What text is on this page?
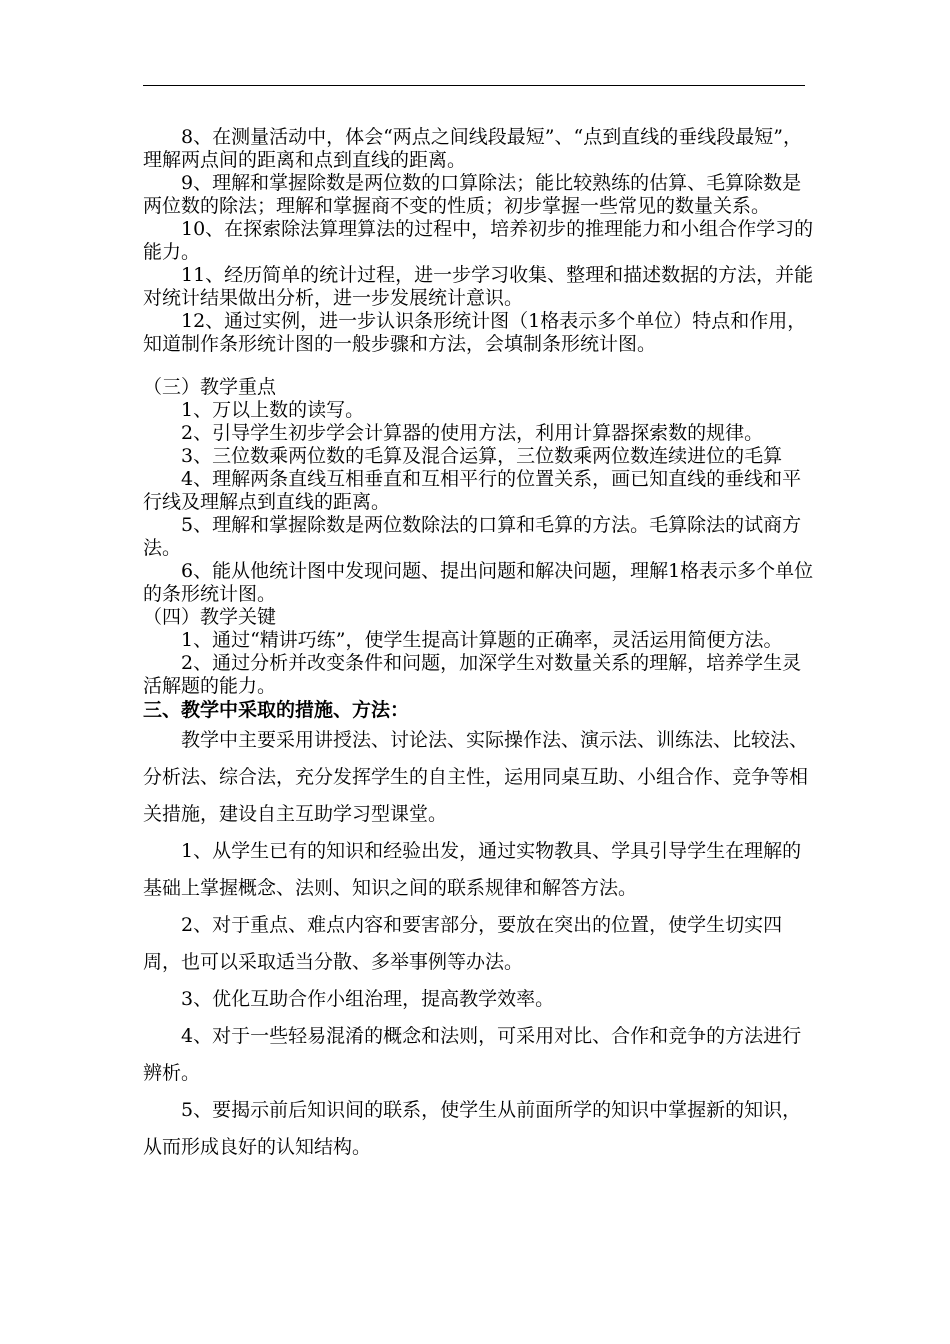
8、在测量活动中，体会“两点之间线段最短”、“点到直线的垂线段最短”，理解两点间的距离和点到直线的距离。

9、理解和掌握除数是两位数的口算除法；能比较熟练的估算、毛算除数是两位数的除法；理解和掌握商不变的性质；初步掌握一些常见的数量关系。

10、在探索除法算理算法的过程中，培养初步的推理能力和小组合作学习的能力。

11、经历简单的统计过程，进一步学习收集、整理和描述数据的方法，并能对统计结果做出分析，进一步发展统计意识。

12、通过实例，进一步认识条形统计图（1格表示多个单位）特点和作用，知道制作条形统计图的一般步骤和方法，会填制条形统计图。

（三）教学重点

1、万以上数的读写。

2、引导学生初步学会计算器的使用方法，利用计算器探索数的规律。

3、三位数乘两位数的毛算及混合运算，三位数乘两位数连续进位的毛算

4、理解两条直线互相垂直和互相平行的位置关系，画已知直线的垂线和平行线及理解点到直线的距离。

5、理解和掌握除数是两位数除法的口算和毛算的方法。毛算除法的试商方法。

6、能从他统计图中发现问题、提出问题和解决问题，理解1格表示多个单位的条形统计图。

（四）教学关键

1、通过“精讲巧练”，使学生提高计算题的正确率，灵活运用简便方法。

2、通过分析并改变条件和问题，加深学生对数量关系的理解，培养学生灵活解题的能力。

三、教学中采取的措施、方法：

教学中主要采用讲授法、讨论法、实际操作法、演示法、训练法、比较法、分析法、综合法，充分发挥学生的自主性，运用同桌互助、小组合作、竞争等相关措施，建设自主互助学习型课堂。

1、从学生已有的知识和经验出发，通过实物教具、学具引导学生在理解的基础上掌握概念、法则、知识之间的联系规律和解答方法。

2、对于重点、难点内容和要害部分，要放在突出的位置，使学生切实四周，也可以采取适当分散、多举事例等办法。

3、优化互助合作小组治理，提高教学效率。

4、对于一些轻易混淆的概念和法则，可采用对比、合作和竞争的方法进行辨析。

5、要揭示前后知识间的联系，使学生从前面所学的知识中掌握新的知识，从而形成良好的认知结构。
